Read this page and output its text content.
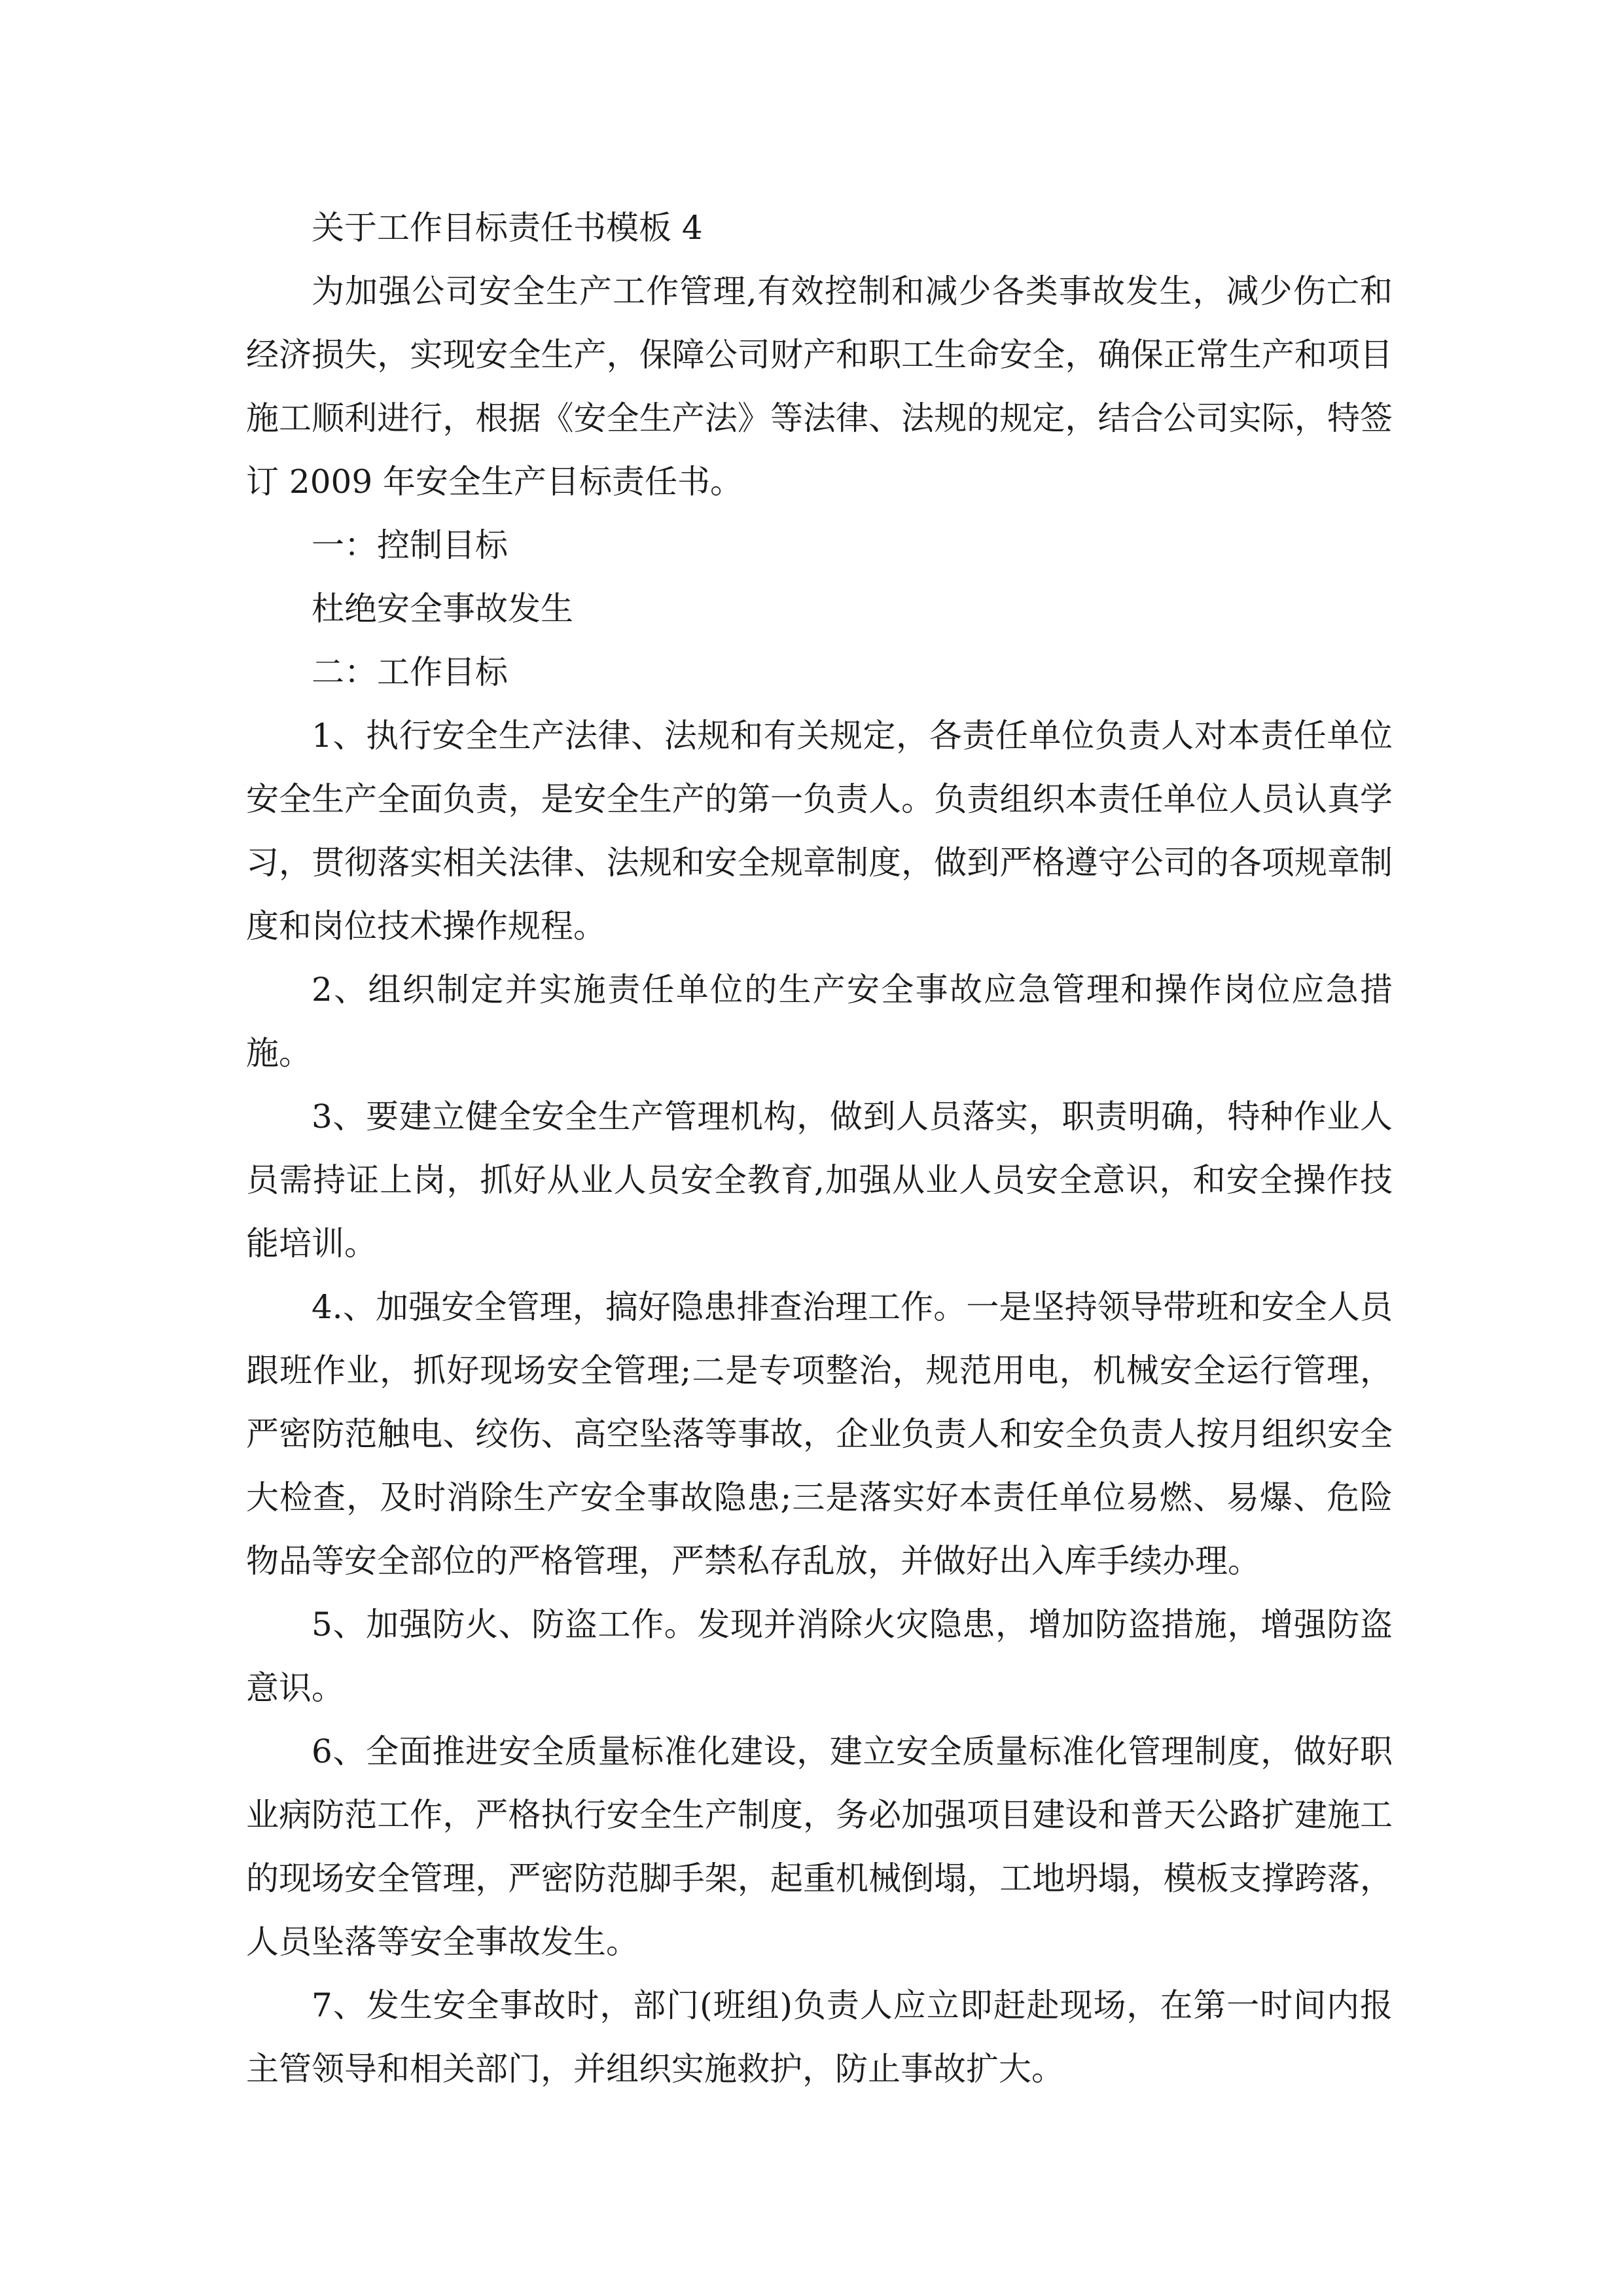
关于工作目标责任书模板 4

为加强公司安全生产工作管理,有效控制和减少各类事故发生，减少伤亡和经济损失，实现安全生产，保障公司财产和职工生命安全，确保正常生产和项目施工顺利进行，根据《安全生产法》等法律、法规的规定，结合公司实际，特签订 2009 年安全生产目标责任书。

一：控制目标

杜绝安全事故发生

二：工作目标

1、执行安全生产法律、法规和有关规定，各责任单位负责人对本责任单位安全生产全面负责，是安全生产的第一负责人。负责组织本责任单位人员认真学习，贯彻落实相关法律、法规和安全规章制度，做到严格遵守公司的各项规章制度和岗位技术操作规程。

2、组织制定并实施责任单位的生产安全事故应急管理和操作岗位应急措施。

3、要建立健全安全生产管理机构，做到人员落实，职责明确，特种作业人员需持证上岗，抓好从业人员安全教育,加强从业人员安全意识，和安全操作技能培训。

4.、加强安全管理，搞好隐患排查治理工作。一是坚持领导带班和安全人员跟班作业，抓好现场安全管理;二是专项整治，规范用电，机械安全运行管理，严密防范触电、绞伤、高空坠落等事故，企业负责人和安全负责人按月组织安全大检查，及时消除生产安全事故隐患;三是落实好本责任单位易燃、易爆、危险物品等安全部位的严格管理，严禁私存乱放，并做好出入库手续办理。

5、加强防火、防盗工作。发现并消除火灾隐患，增加防盗措施，增强防盗意识。

6、全面推进安全质量标准化建设，建立安全质量标准化管理制度，做好职业病防范工作，严格执行安全生产制度，务必加强项目建设和普天公路扩建施工的现场安全管理，严密防范脚手架，起重机械倒塌，工地坍塌，模板支撑跨落，人员坠落等安全事故发生。

7、发生安全事故时，部门(班组)负责人应立即赶赴现场，在第一时间内报主管领导和相关部门，并组织实施救护，防止事故扩大。
